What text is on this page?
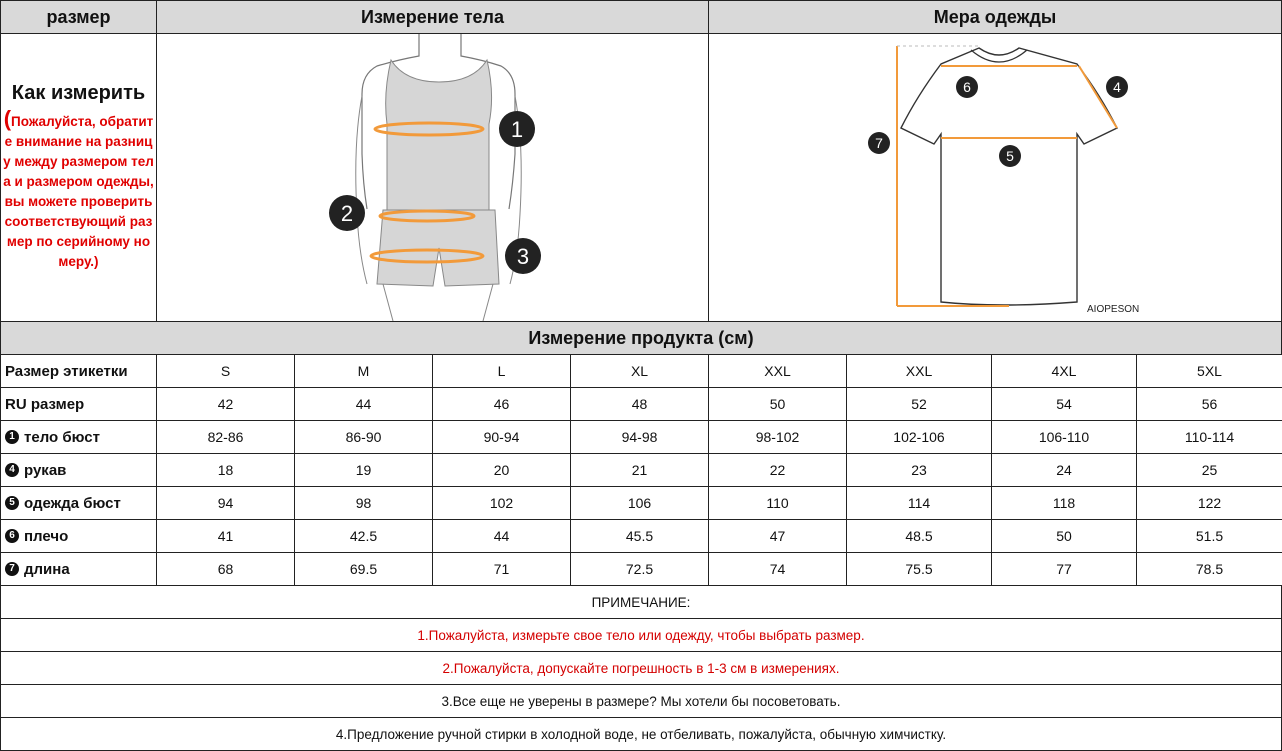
размер	Измерение тела	Мера одежды
Как измерить
(Пожалуйста, обратите внимание на разницу между размером тела и размером одежды, вы можете проверить соответствующий размер по серийному номеру.)
1
2
3
6	4
7
5
AIOPESON
Измерение продукта (см)
Размер этикетки	S	M	L	XL	XXL	XXL	4XL	5XL
RU размер	42	44	46	48	50	52	54	56
1 тело бюст	82-86	86-90	90-94	94-98	98-102	102-106	106-110	110-114
4 рукав	18	19	20	21	22	23	24	25
5 одежда бюст	94	98	102	106	110	114	118	122
6 плечо	41	42.5	44	45.5	47	48.5	50	51.5
7 длина	68	69.5	71	72.5	74	75.5	77	78.5
ПРИМЕЧАНИЕ:
1.Пожалуйста, измерьте свое тело или одежду, чтобы выбрать размер.
2.Пожалуйста, допускайте погрешность в 1-3 см в измерениях.
3.Все еще не уверены в размере? Мы хотели бы посоветовать.
4.Предложение ручной стирки в холодной воде, не отбеливать, пожалуйста, обычную химчистку.
